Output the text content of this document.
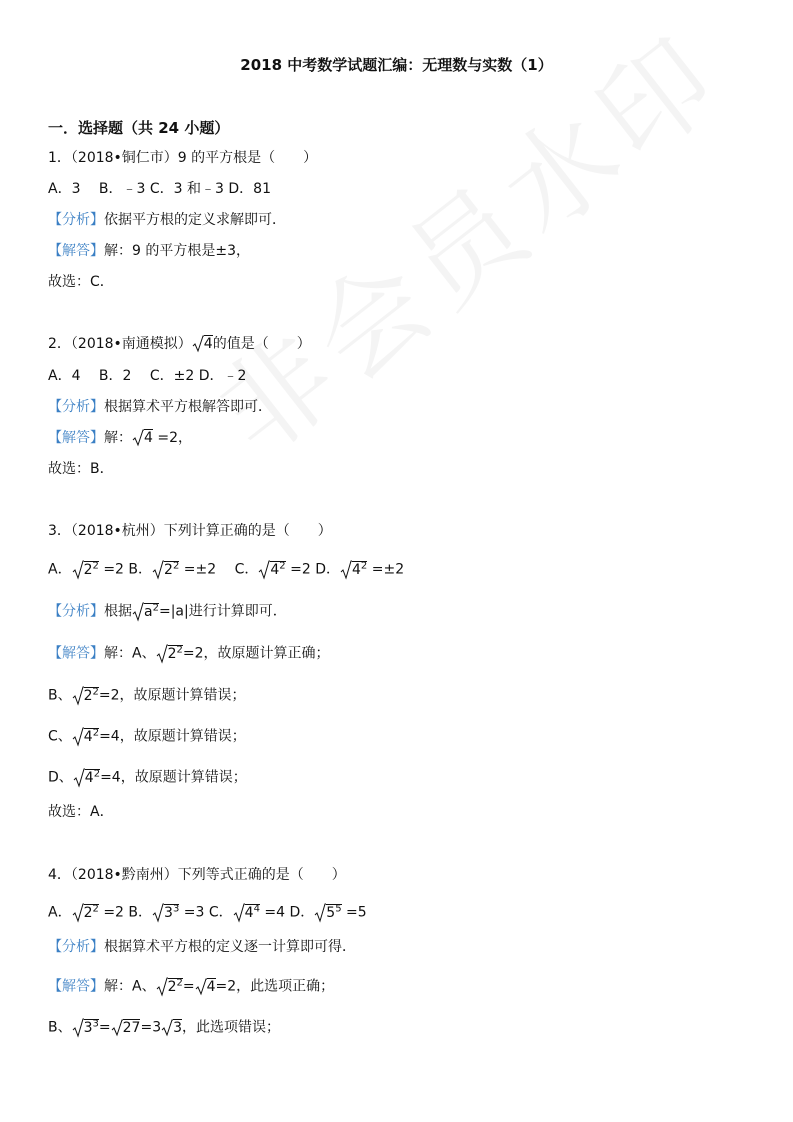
2018 中考数学试题汇编：无理数与实数（1）
一．选择题（共 24 小题）
1．（2018•铜仁市）9 的平方根是（　　）
A．3　 B．﹣3 C．3 和﹣3 D．81
【分析】依据平方根的定义求解即可．
【解答】解：9 的平方根是±3，
故选：C．
2．（2018•南通模拟） 4的值是（　　）
A．4　 B．2　 C．±2 D．﹣2
【分析】根据算术平方根解答即可．
【解答】解： 4 =2，
故选：B．
3．（2018•杭州）下列计算正确的是（　　）
A． $2^2 =2$ B． $2^2 =\pm 2$　 C． $4^2 =2$ D． $4^2 =\pm 2$
【分析】根据 $a^2=|a|$进行计算即可．
【解答】解：A、 $2^2=2$，故原题计算正确；
B、 $2^2=2$，故原题计算错误；
C、 $4^2=4$，故原题计算错误；
D、 $4^2=4$，故原题计算错误；
故选：A．
4．（2018•黔南州）下列等式正确的是（　　）
A． $2^2 =2$ B． $3^3 =3$ C． $4^4 =4$ D． $5^5 =5$
【分析】根据算术平方根的定义逐一计算即可得．
【解答】解：A、 $2^2= 4=2$，此选项正确；
B、 $3^3= 27=3$ 3，此选项错误；
